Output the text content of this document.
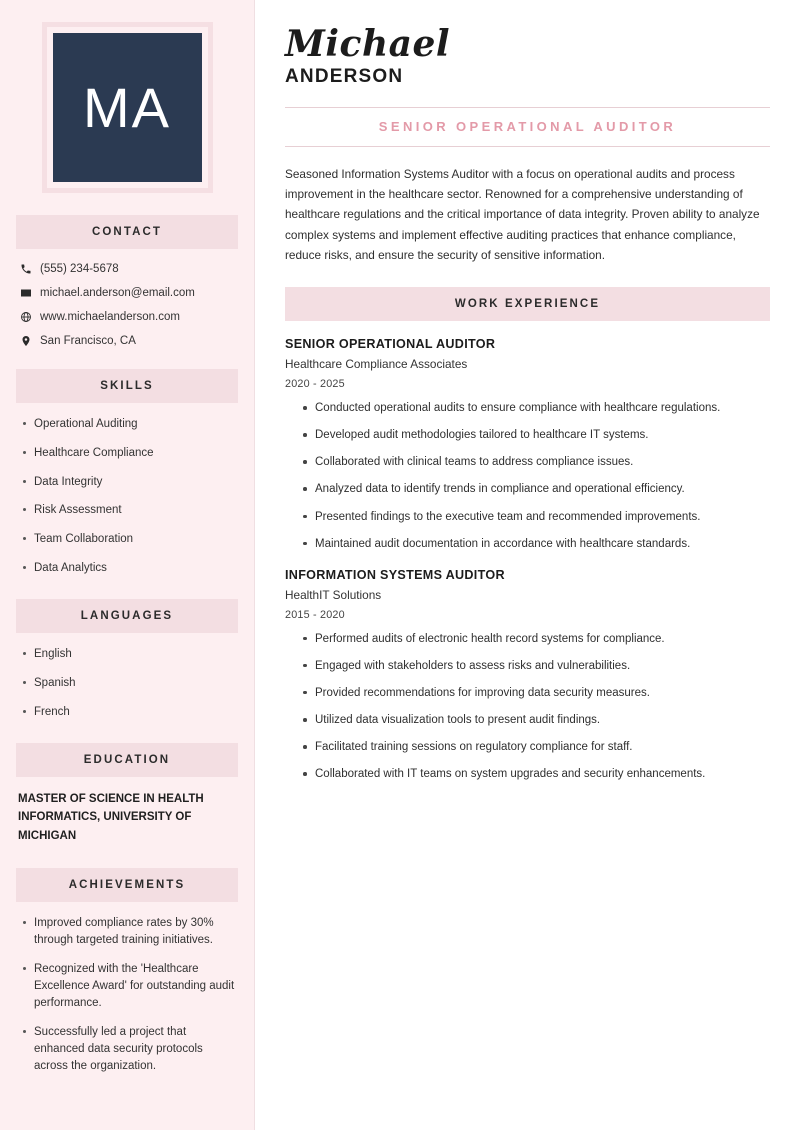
MA
CONTACT
(555) 234-5678
michael.anderson@email.com
www.michaelanderson.com
San Francisco, CA
SKILLS
Operational Auditing
Healthcare Compliance
Data Integrity
Risk Assessment
Team Collaboration
Data Analytics
LANGUAGES
English
Spanish
French
EDUCATION
MASTER OF SCIENCE IN HEALTH INFORMATICS, UNIVERSITY OF MICHIGAN
ACHIEVEMENTS
Improved compliance rates by 30% through targeted training initiatives.
Recognized with the 'Healthcare Excellence Award' for outstanding audit performance.
Successfully led a project that enhanced data security protocols across the organization.
Michael
ANDERSON
SENIOR OPERATIONAL AUDITOR

Seasoned Information Systems Auditor with a focus on operational audits and process improvement in the healthcare sector. Renowned for a comprehensive understanding of healthcare regulations and the critical importance of data integrity. Proven ability to analyze complex systems and implement effective auditing practices that enhance compliance, reduce risks, and ensure the security of sensitive information.

WORK EXPERIENCE
SENIOR OPERATIONAL AUDITOR
Healthcare Compliance Associates
2020 - 2025
Conducted operational audits to ensure compliance with healthcare regulations.
Developed audit methodologies tailored to healthcare IT systems.
Collaborated with clinical teams to address compliance issues.
Analyzed data to identify trends in compliance and operational efficiency.
Presented findings to the executive team and recommended improvements.
Maintained audit documentation in accordance with healthcare standards.
INFORMATION SYSTEMS AUDITOR
HealthIT Solutions
2015 - 2020
Performed audits of electronic health record systems for compliance.
Engaged with stakeholders to assess risks and vulnerabilities.
Provided recommendations for improving data security measures.
Utilized data visualization tools to present audit findings.
Facilitated training sessions on regulatory compliance for staff.
Collaborated with IT teams on system upgrades and security enhancements.
